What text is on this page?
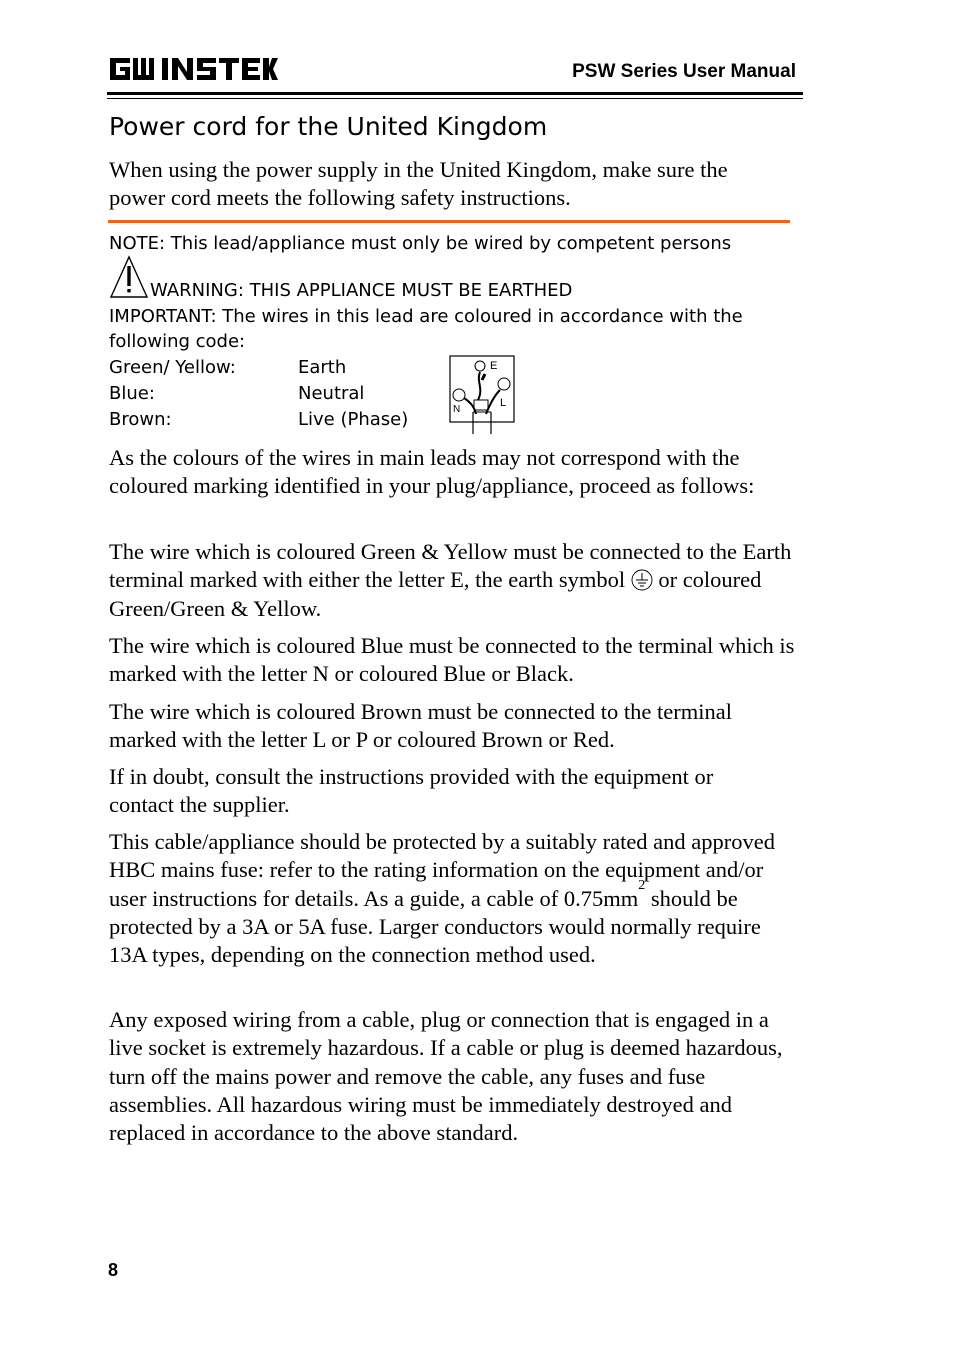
PSW Series User Manual
Power cord for the United Kingdom
When using the power supply in the United Kingdom, make sure the power cord meets the following safety instructions.
NOTE: This lead/appliance must only be wired by competent persons
WARNING: THIS APPLIANCE MUST BE EARTHED
IMPORTANT: The wires in this lead are coloured in accordance with the
following code:
Green/ Yellow:	Earth
Blue:	Neutral
Brown:	Live (Phase)
E
N
L
As the colours of the wires in main leads may not correspond with the coloured marking identified in your plug/appliance, proceed as follows:
The wire which is coloured Green & Yellow must be connected to the Earth terminal marked with either the letter E, the earth symbol or coloured Green/Green & Yellow.
The wire which is coloured Blue must be connected to the terminal which is marked with the letter N or coloured Blue or Black.
The wire which is coloured Brown must be connected to the terminal marked with the letter L or P or coloured Brown or Red.
If in doubt, consult the instructions provided with the equipment or contact the supplier.
This cable/appliance should be protected by a suitably rated and approved HBC mains fuse: refer to the rating information on the equipment and/or user instructions for details. As a guide, a cable of $0.75mm^2$ should be protected by a 3A or 5A fuse. Larger conductors would normally require 13A types, depending on the connection method used.
Any exposed wiring from a cable, plug or connection that is engaged in a live socket is extremely hazardous. If a cable or plug is deemed hazardous, turn off the mains power and remove the cable, any fuses and fuse assemblies. All hazardous wiring must be immediately destroyed and replaced in accordance to the above standard.
8
